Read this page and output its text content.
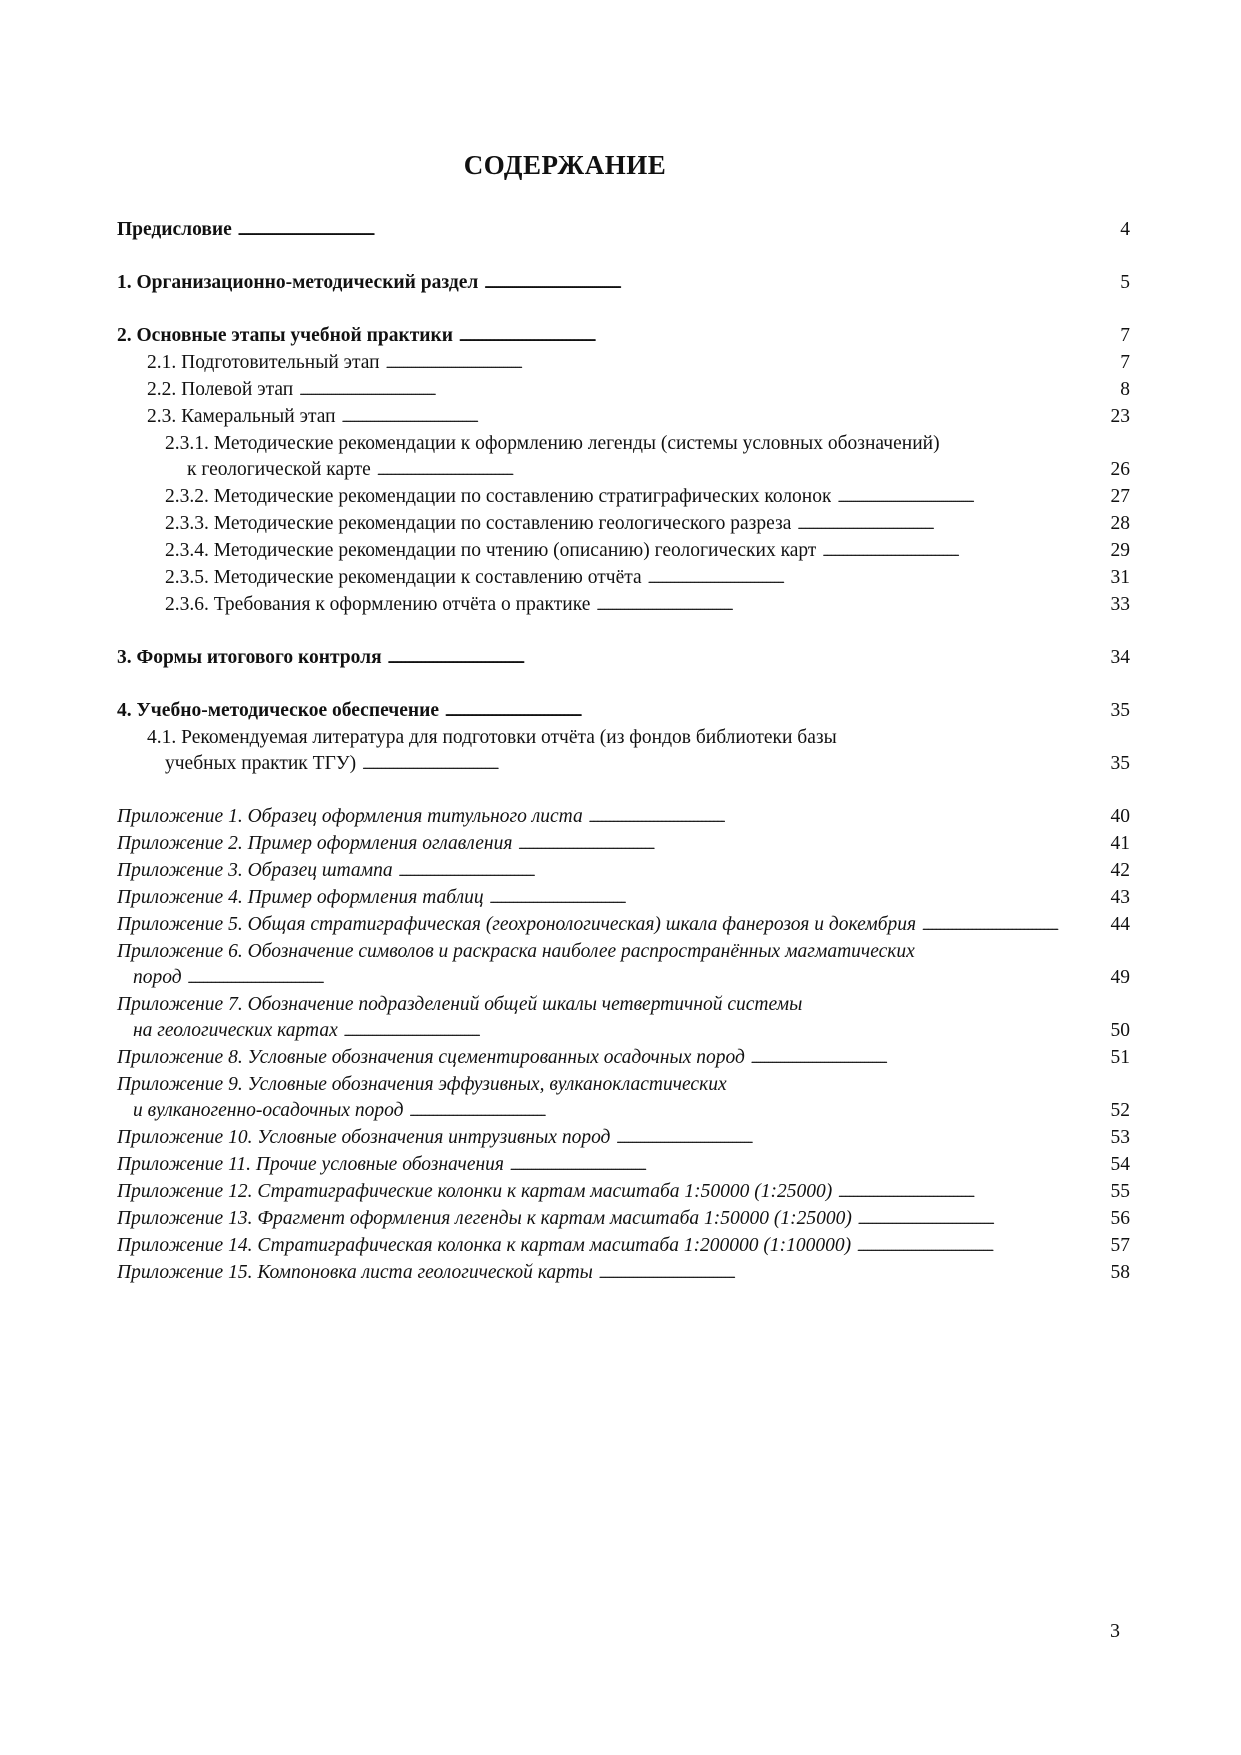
СОДЕРЖАНИЕ
Предисловие . . .	4
1. Организационно-методический раздел . . .	5
2. Основные этапы учебной практики . . .	7
2.1. Подготовительный этап . . .	7
2.2. Полевой этап . . .	8
2.3. Камеральный этап . . .	23
2.3.1. Методические рекомендации к оформлению легенды (системы условных обозначений)
к геологической карте . . .	26
2.3.2. Методические рекомендации по составлению стратиграфических колонок . . .	27
2.3.3. Методические рекомендации по составлению геологического разреза . . .	28
2.3.4. Методические рекомендации по чтению (описанию) геологических карт . . .	29
2.3.5. Методические рекомендации к составлению отчёта . . .	31
2.3.6. Требования к оформлению отчёта о практике . . .	33
3. Формы итогового контроля . . .	34
4. Учебно-методическое обеспечение . . .	35
4.1. Рекомендуемая литература для подготовки отчёта (из фондов библиотеки базы
учебных практик ТГУ) . . .	35
Приложение 1. Образец оформления титульного листа . . .	40
Приложение 2. Пример оформления оглавления . . .	41
Приложение 3. Образец штампа . . .	42
Приложение 4. Пример оформления таблиц . . .	43
Приложение 5. Общая стратиграфическая (геохронологическая) шкала фанерозоя и докембрия . . .	44
Приложение 6. Обозначение символов и раскраска наиболее распространённых магматических
пород . . .	49
Приложение 7. Обозначение подразделений общей шкалы четвертичной системы
на геологических картах . . .	50
Приложение 8. Условные обозначения сцементированных осадочных пород . . .	51
Приложение 9. Условные обозначения эффузивных, вулканокластических
и вулканогенно-осадочных пород . . .	52
Приложение 10. Условные обозначения интрузивных пород . . .	53
Приложение 11. Прочие условные обозначения . . .	54
Приложение 12. Стратиграфические колонки к картам масштаба 1:50000 (1:25000) . . .	55
Приложение 13. Фрагмент оформления легенды к картам масштаба 1:50000 (1:25000) . . .	56
Приложение 14. Стратиграфическая колонка к картам масштаба 1:200000 (1:100000) . . .	57
Приложение 15. Компоновка листа геологической карты . . .	58
3
